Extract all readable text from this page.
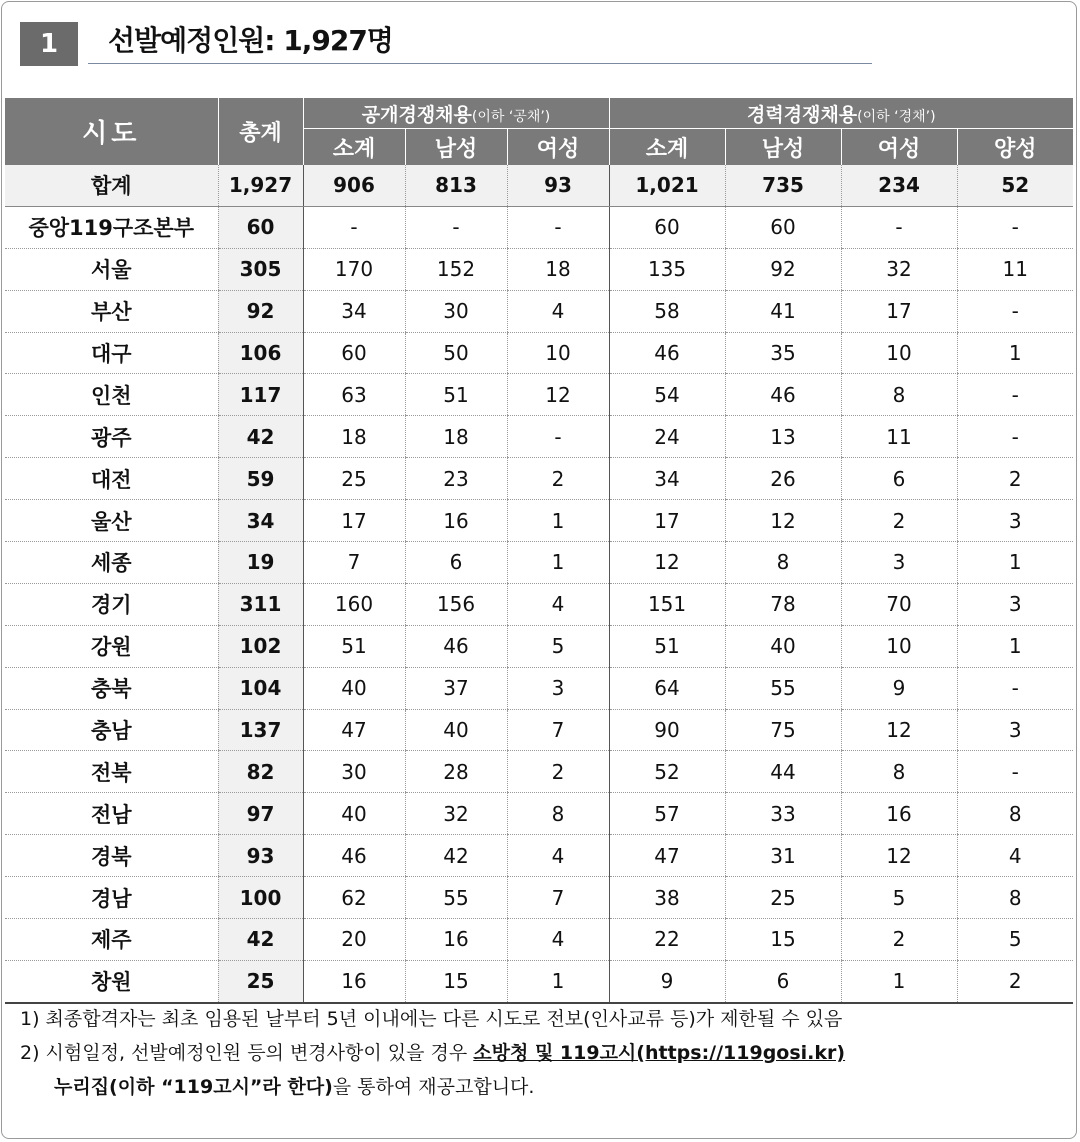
1	선발예정인원: 1,927명
시도	총계	공개경쟁채용(이하 ‘공채’)			경력경쟁채용(이하 ‘경채’)			
		소계	남성	여성	소계	남성	여성	양성
합계	1,927	906	813	93	1,021	735	234	52
중앙119구조본부	60	-	-	-	60	60	-	-
서울	305	170	152	18	135	92	32	11
부산	92	34	30	4	58	41	17	-
대구	106	60	50	10	46	35	10	1
인천	117	63	51	12	54	46	8	-
광주	42	18	18	-	24	13	11	-
대전	59	25	23	2	34	26	6	2
울산	34	17	16	1	17	12	2	3
세종	19	7	6	1	12	8	3	1
경기	311	160	156	4	151	78	70	3
강원	102	51	46	5	51	40	10	1
충북	104	40	37	3	64	55	9	-
충남	137	47	40	7	90	75	12	3
전북	82	30	28	2	52	44	8	-
전남	97	40	32	8	57	33	16	8
경북	93	46	42	4	47	31	12	4
경남	100	62	55	7	38	25	5	8
제주	42	20	16	4	22	15	2	5
창원	25	16	15	1	9	6	1	2
1) 최종합격자는 최초 임용된 날부터 5년 이내에는 다른 시도로 전보(인사교류 등)가 제한될 수 있음
2) 시험일정, 선발예정인원 등의 변경사항이 있을 경우 소방청 및 119고시(https://119gosi.kr)
누리집(이하 “119고시”라 한다)을 통하여 재공고합니다.
